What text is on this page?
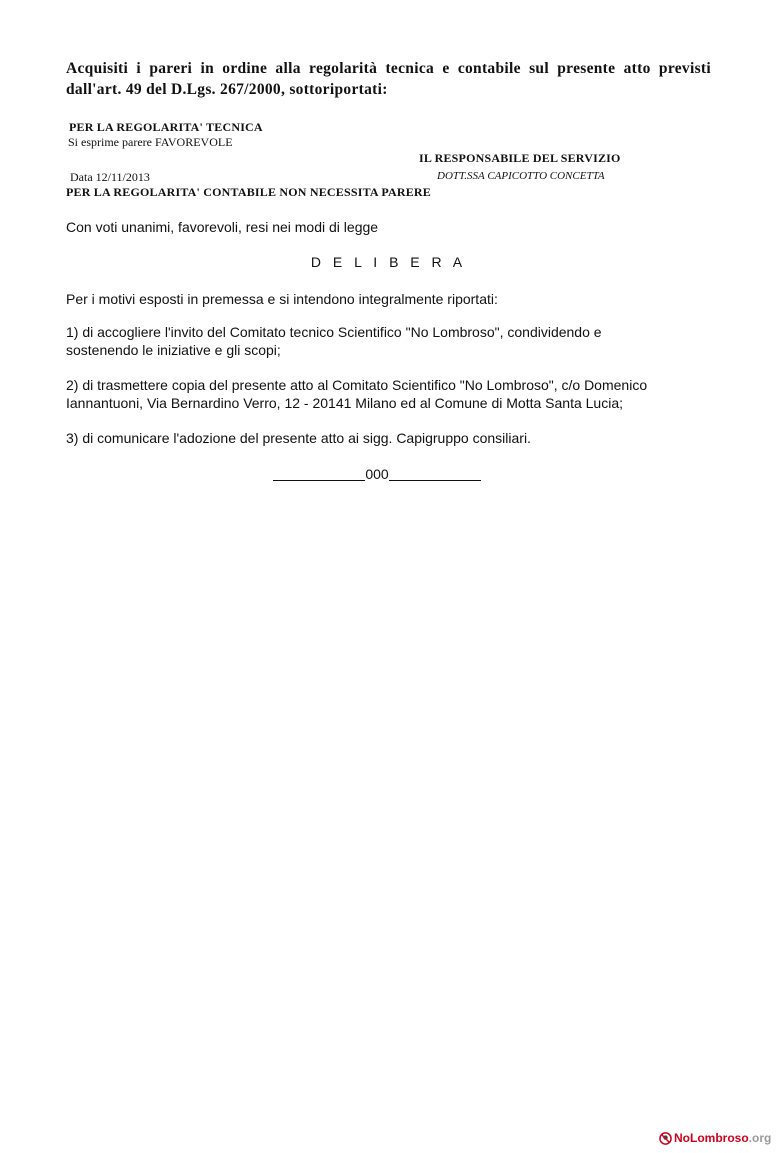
Acquisiti i pareri in ordine alla regolarità tecnica e contabile sul presente atto previsti dall'art. 49 del D.Lgs. 267/2000, sottoriportati:
PER LA REGOLARITA' TECNICA
Si esprime parere FAVOREVOLE
IL RESPONSABILE DEL SERVIZIO
Data 12/11/2013	DOTT.SSA CAPICOTTO CONCETTA
PER LA REGOLARITA' CONTABILE NON NECESSITA PARERE
Con voti unanimi, favorevoli, resi nei modi di legge
D E L I B E R A
Per i motivi esposti in premessa e si intendono integralmente riportati:
1) di accogliere l'invito del Comitato tecnico Scientifico "No Lombroso", condividendo e
sostenendo le iniziative e gli scopi;
2) di trasmettere copia del presente atto al Comitato Scientifico "No Lombroso", c/o Domenico
Iannantuoni, Via Bernardino Verro, 12 - 20141 Milano ed al Comune di Motta Santa Lucia;
3) di comunicare l'adozione del presente atto ai sigg. Capigruppo consiliari.
000
NoLombroso.org
